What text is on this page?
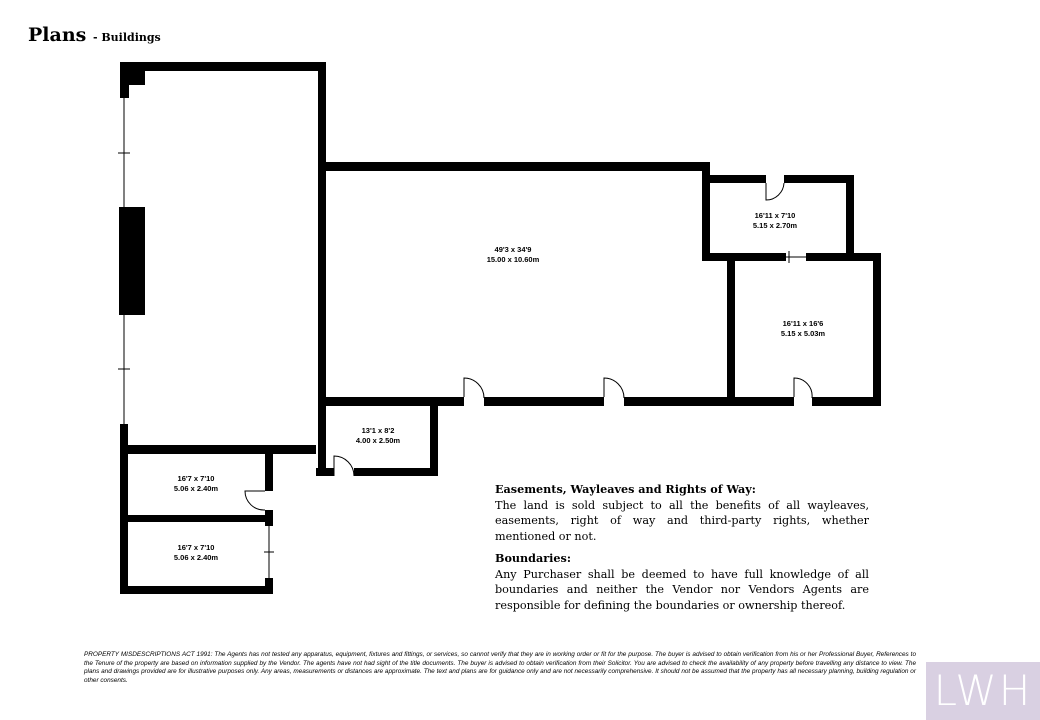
Plans - Buildings
49'3 x 34'9
15.00 x 10.60m
16'11 x 7'10
5.15 x 2.70m
16'11 x 16'6
5.15 x 5.03m
13'1 x 8'2
4.00 x 2.50m
16'7 x 7'10
5.06 x 2.40m
16'7 x 7'10
5.06 x 2.40m
Easements, Wayleaves and Rights of Way:

The land is sold subject to all the benefits of all wayleaves, easements, right of way and third-party rights, whether mentioned or not.

Boundaries:

Any Purchaser shall be deemed to have full knowledge of all boundaries and neither the Vendor nor Vendors Agents are responsible for defining the boundaries or ownership thereof.

PROPERTY MISDESCRIPTIONS ACT 1991: The Agents has not tested any apparatus, equipment, fixtures and fittings, or services, so cannot verify that they are in working order or fit for the purpose. The buyer is advised to obtain verification from his or her Professional Buyer, References to the Tenure of the property are based on information supplied by the Vendor. The agents have not had sight of the title documents. The buyer is advised to obtain verification from their Solicitor. You are advised to check the availability of any property before travelling any distance to view. The plans and drawings provided are for illustrative purposes only. Any areas, measurements or distances are approximate. The text and plans are for guidance only and are not necessarily comprehensive. It should not be assumed that the property has all necessary planning, building regulation or other consents.	LWH
